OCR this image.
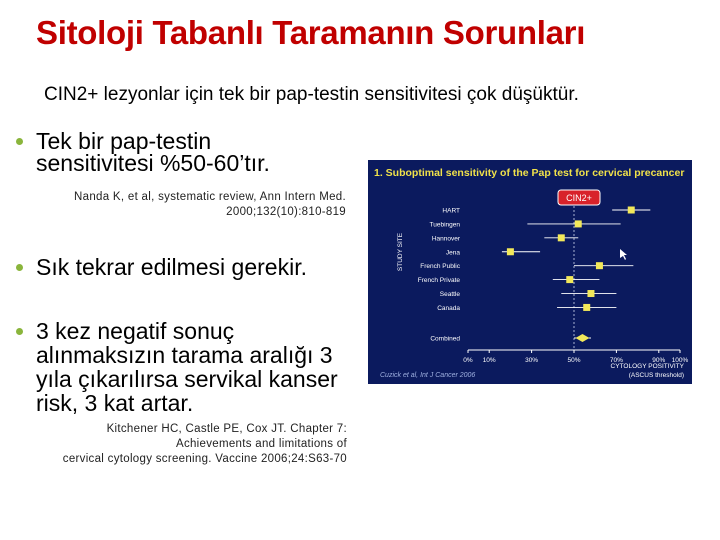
Sitoloji Tabanlı Taramanın Sorunları
CIN2+ lezyonlar için tek bir pap-testin sensitivitesi çok düşüktür.
Tek bir pap-testin
sensitivitesi %50-60’tır.
Nanda K, et al, systematic review, Ann Intern Med.
2000;132(10):810-819
Sık tekrar edilmesi gerekir.
3 kez negatif sonuç
alınmaksızın tarama aralığı 3
yıla çıkarılırsa servikal kanser
risk, 3 kat artar.
Kitchener HC, Castle PE, Cox JT. Chapter 7:
Achievements and limitations of
cervical cytology screening. Vaccine 2006;24:S63-70
1. Suboptimal sensitivity of the Pap test for cervical precancer
0% 10%	30%	50%	70%	90% 100%
HART
Tuebingen
Hannover
Jena
French Public
French Private
Seattle
Canada
Combined
CIN2+
STUDY SITE
CYTOLOGY POSITIVITY
(ASCUS threshold)
Cuzick et al, Int J Cancer 2006
